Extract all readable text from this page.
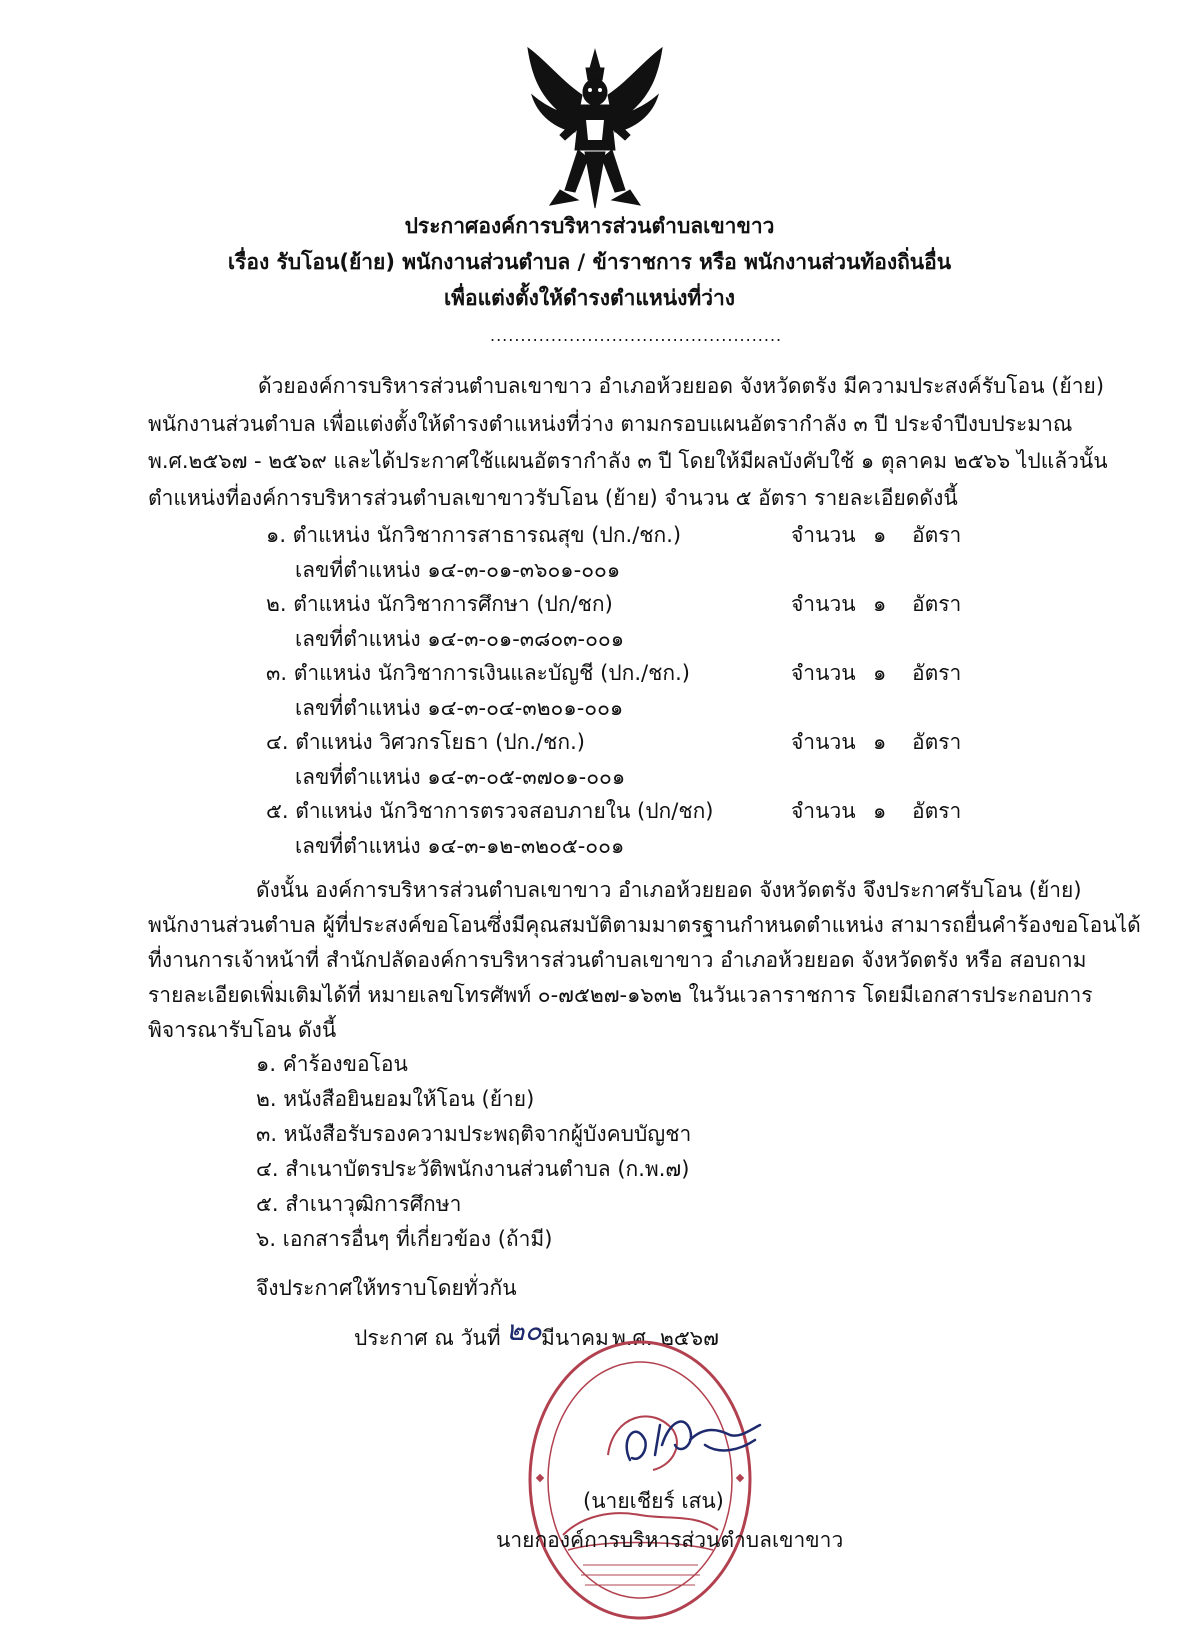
ประกาศองค์การบริหารส่วนตำบลเขาขาว
เรื่อง รับโอน(ย้าย) พนักงานส่วนตำบล / ข้าราชการ หรือ พนักงานส่วนท้องถิ่นอื่น
เพื่อแต่งตั้งให้ดำรงตำแหน่งที่ว่าง
................................................
ด้วยองค์การบริหารส่วนตำบลเขาขาว อำเภอห้วยยอด จังหวัดตรัง มีความประสงค์รับโอน (ย้าย)
พนักงานส่วนตำบล เพื่อแต่งตั้งให้ดำรงตำแหน่งที่ว่าง ตามกรอบแผนอัตรากำลัง ๓ ปี ประจำปีงบประมาณ
พ.ศ.๒๕๖๗ - ๒๕๖๙ และได้ประกาศใช้แผนอัตรากำลัง ๓ ปี โดยให้มีผลบังคับใช้ ๑ ตุลาคม ๒๕๖๖ ไปแล้วนั้น
ตำแหน่งที่องค์การบริหารส่วนตำบลเขาขาวรับโอน (ย้าย) จำนวน ๕ อัตรา รายละเอียดดังนี้
๑. ตำแหน่ง นักวิชาการสาธารณสุข (ปก./ชก.)	จำนวน ๑ อัตรา
เลขที่ตำแหน่ง ๑๔-๓-๐๑-๓๖๐๑-๐๐๑
๒. ตำแหน่ง นักวิชาการศึกษา (ปก/ชก)	จำนวน ๑ อัตรา
เลขที่ตำแหน่ง ๑๔-๓-๐๑-๓๘๐๓-๐๐๑
๓. ตำแหน่ง นักวิชาการเงินและบัญชี (ปก./ชก.)	จำนวน ๑ อัตรา
เลขที่ตำแหน่ง ๑๔-๓-๐๔-๓๒๐๑-๐๐๑
๔. ตำแหน่ง วิศวกรโยธา (ปก./ชก.)	จำนวน ๑ อัตรา
เลขที่ตำแหน่ง ๑๔-๓-๐๕-๓๗๐๑-๐๐๑
๕. ตำแหน่ง นักวิชาการตรวจสอบภายใน (ปก/ชก)	จำนวน ๑ อัตรา
เลขที่ตำแหน่ง ๑๔-๓-๑๒-๓๒๐๕-๐๐๑
ดังนั้น องค์การบริหารส่วนตำบลเขาขาว อำเภอห้วยยอด จังหวัดตรัง จึงประกาศรับโอน (ย้าย)
พนักงานส่วนตำบล ผู้ที่ประสงค์ขอโอนซึ่งมีคุณสมบัติตามมาตรฐานกำหนดตำแหน่ง สามารถยื่นคำร้องขอโอนได้
ที่งานการเจ้าหน้าที่ สำนักปลัดองค์การบริหารส่วนตำบลเขาขาว อำเภอห้วยยอด จังหวัดตรัง หรือ สอบถาม
รายละเอียดเพิ่มเติมได้ที่ หมายเลขโทรศัพท์ ๐-๗๕๒๗-๑๖๓๒ ในวันเวลาราชการ โดยมีเอกสารประกอบการ
พิจารณารับโอน ดังนี้
๑. คำร้องขอโอน
๒. หนังสือยินยอมให้โอน (ย้าย)
๓. หนังสือรับรองความประพฤติจากผู้บังคบบัญชา
๔. สำเนาบัตรประวัติพนักงานส่วนตำบล (ก.พ.๗)
๕. สำเนาวุฒิการศึกษา
๖. เอกสารอื่นๆ ที่เกี่ยวข้อง (ถ้ามี)
จึงประกาศให้ทราบโดยทั่วกัน
ประกาศ ณ วันที่ ๒๐ มีนาคม พ.ศ. ๒๕๖๗
(นายเชียร์ เสน)
นายกองค์การบริหารส่วนตำบลเขาขาว
